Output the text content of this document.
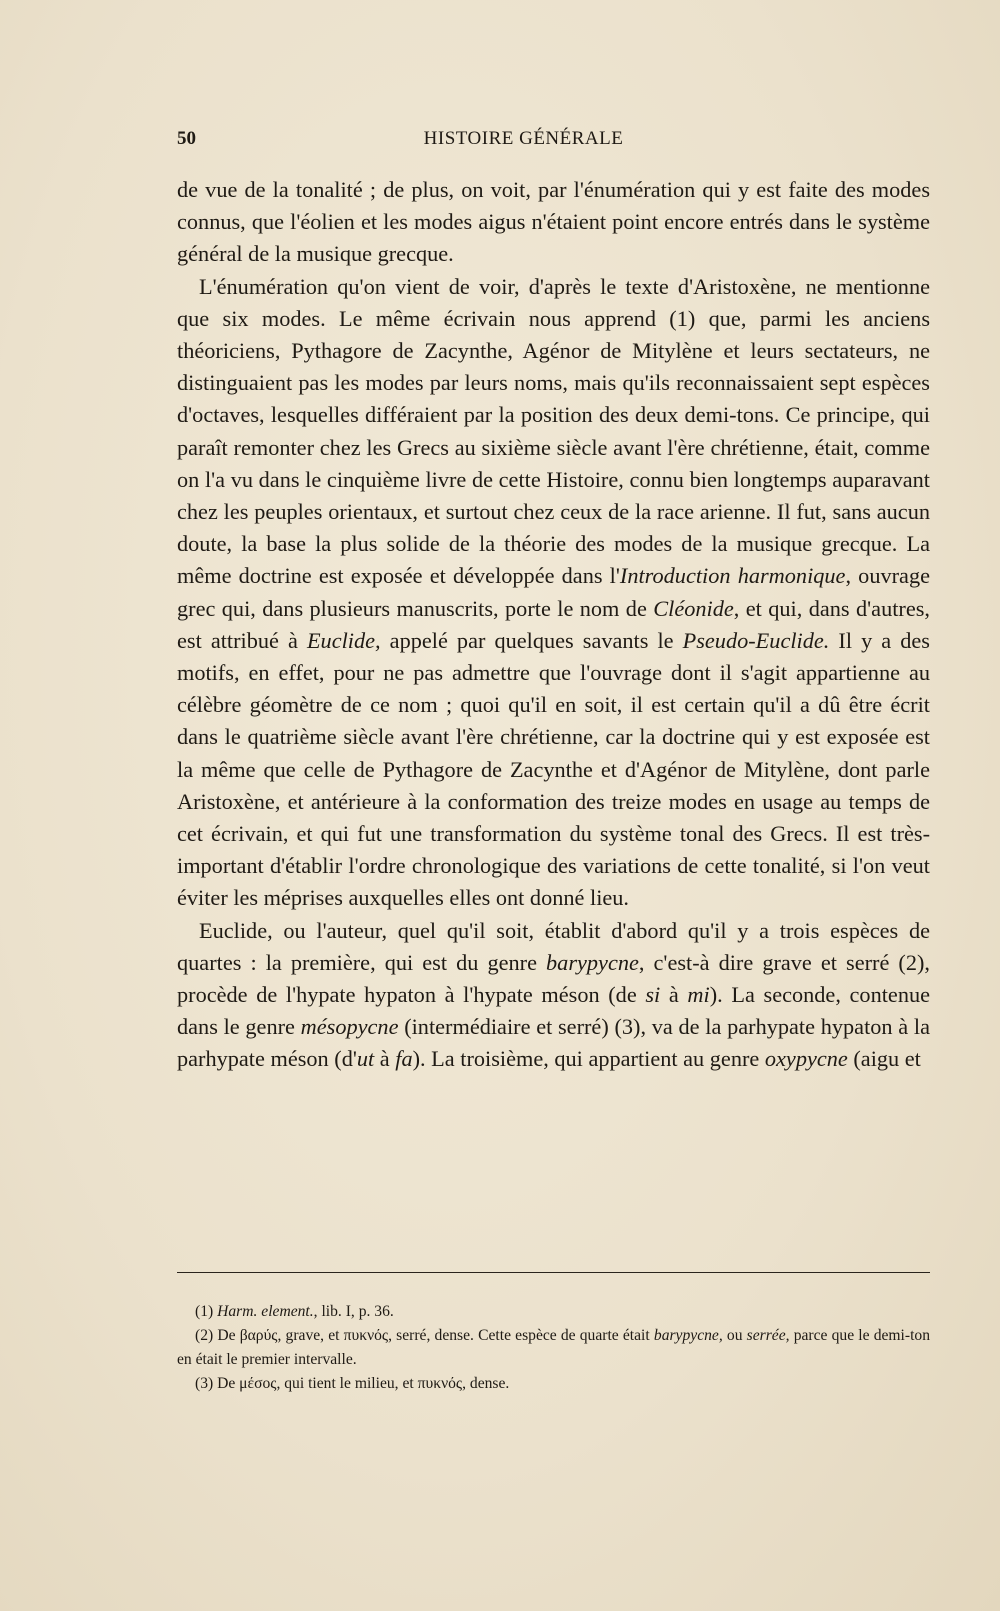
50	HISTOIRE GÉNÉRALE

de vue de la tonalité ; de plus, on voit, par l'énumération qui y est faite des modes connus, que l'éolien et les modes aigus n'étaient point encore entrés dans le système général de la musique grecque.

L'énumération qu'on vient de voir, d'après le texte d'Aristoxène, ne mentionne que six modes. Le même écrivain nous apprend (1) que, parmi les anciens théoriciens, Pythagore de Zacynthe, Agénor de Mitylène et leurs sectateurs, ne distinguaient pas les modes par leurs noms, mais qu'ils reconnaissaient sept espèces d'octaves, lesquelles différaient par la position des deux demi-tons. Ce principe, qui paraît remonter chez les Grecs au sixième siècle avant l'ère chrétienne, était, comme on l'a vu dans le cinquième livre de cette Histoire, connu bien longtemps auparavant chez les peuples orientaux, et surtout chez ceux de la race arienne. Il fut, sans aucun doute, la base la plus solide de la théorie des modes de la musique grecque. La même doctrine est exposée et développée dans l'Introduction harmonique, ouvrage grec qui, dans plusieurs manuscrits, porte le nom de Cléonide, et qui, dans d'autres, est attribué à Euclide, appelé par quelques savants le Pseudo-Euclide. Il y a des motifs, en effet, pour ne pas admettre que l'ouvrage dont il s'agit appartienne au célèbre géomètre de ce nom ; quoi qu'il en soit, il est certain qu'il a dû être écrit dans le quatrième siècle avant l'ère chrétienne, car la doctrine qui y est exposée est la même que celle de Pythagore de Zacynthe et d'Agénor de Mitylène, dont parle Aristoxène, et antérieure à la conformation des treize modes en usage au temps de cet écrivain, et qui fut une transformation du système tonal des Grecs. Il est très-important d'établir l'ordre chronologique des variations de cette tonalité, si l'on veut éviter les méprises auxquelles elles ont donné lieu.

Euclide, ou l'auteur, quel qu'il soit, établit d'abord qu'il y a trois espèces de quartes : la première, qui est du genre barypycne, c'est-à dire grave et serré (2), procède de l'hypate hypaton à l'hypate méson (de si à mi). La seconde, contenue dans le genre mésopycne (intermédiaire et serré) (3), va de la parhypate hypaton à la parhypate méson (d'ut à fa). La troisième, qui appartient au genre oxypycne (aigu et

(1) Harm. element., lib. I, p. 36.

(2) De βαρύς, grave, et πυκνός, serré, dense. Cette espèce de quarte était barypycne, ou serrée, parce que le demi-ton en était le premier intervalle.

(3) De μέσος, qui tient le milieu, et πυκνός, dense.
